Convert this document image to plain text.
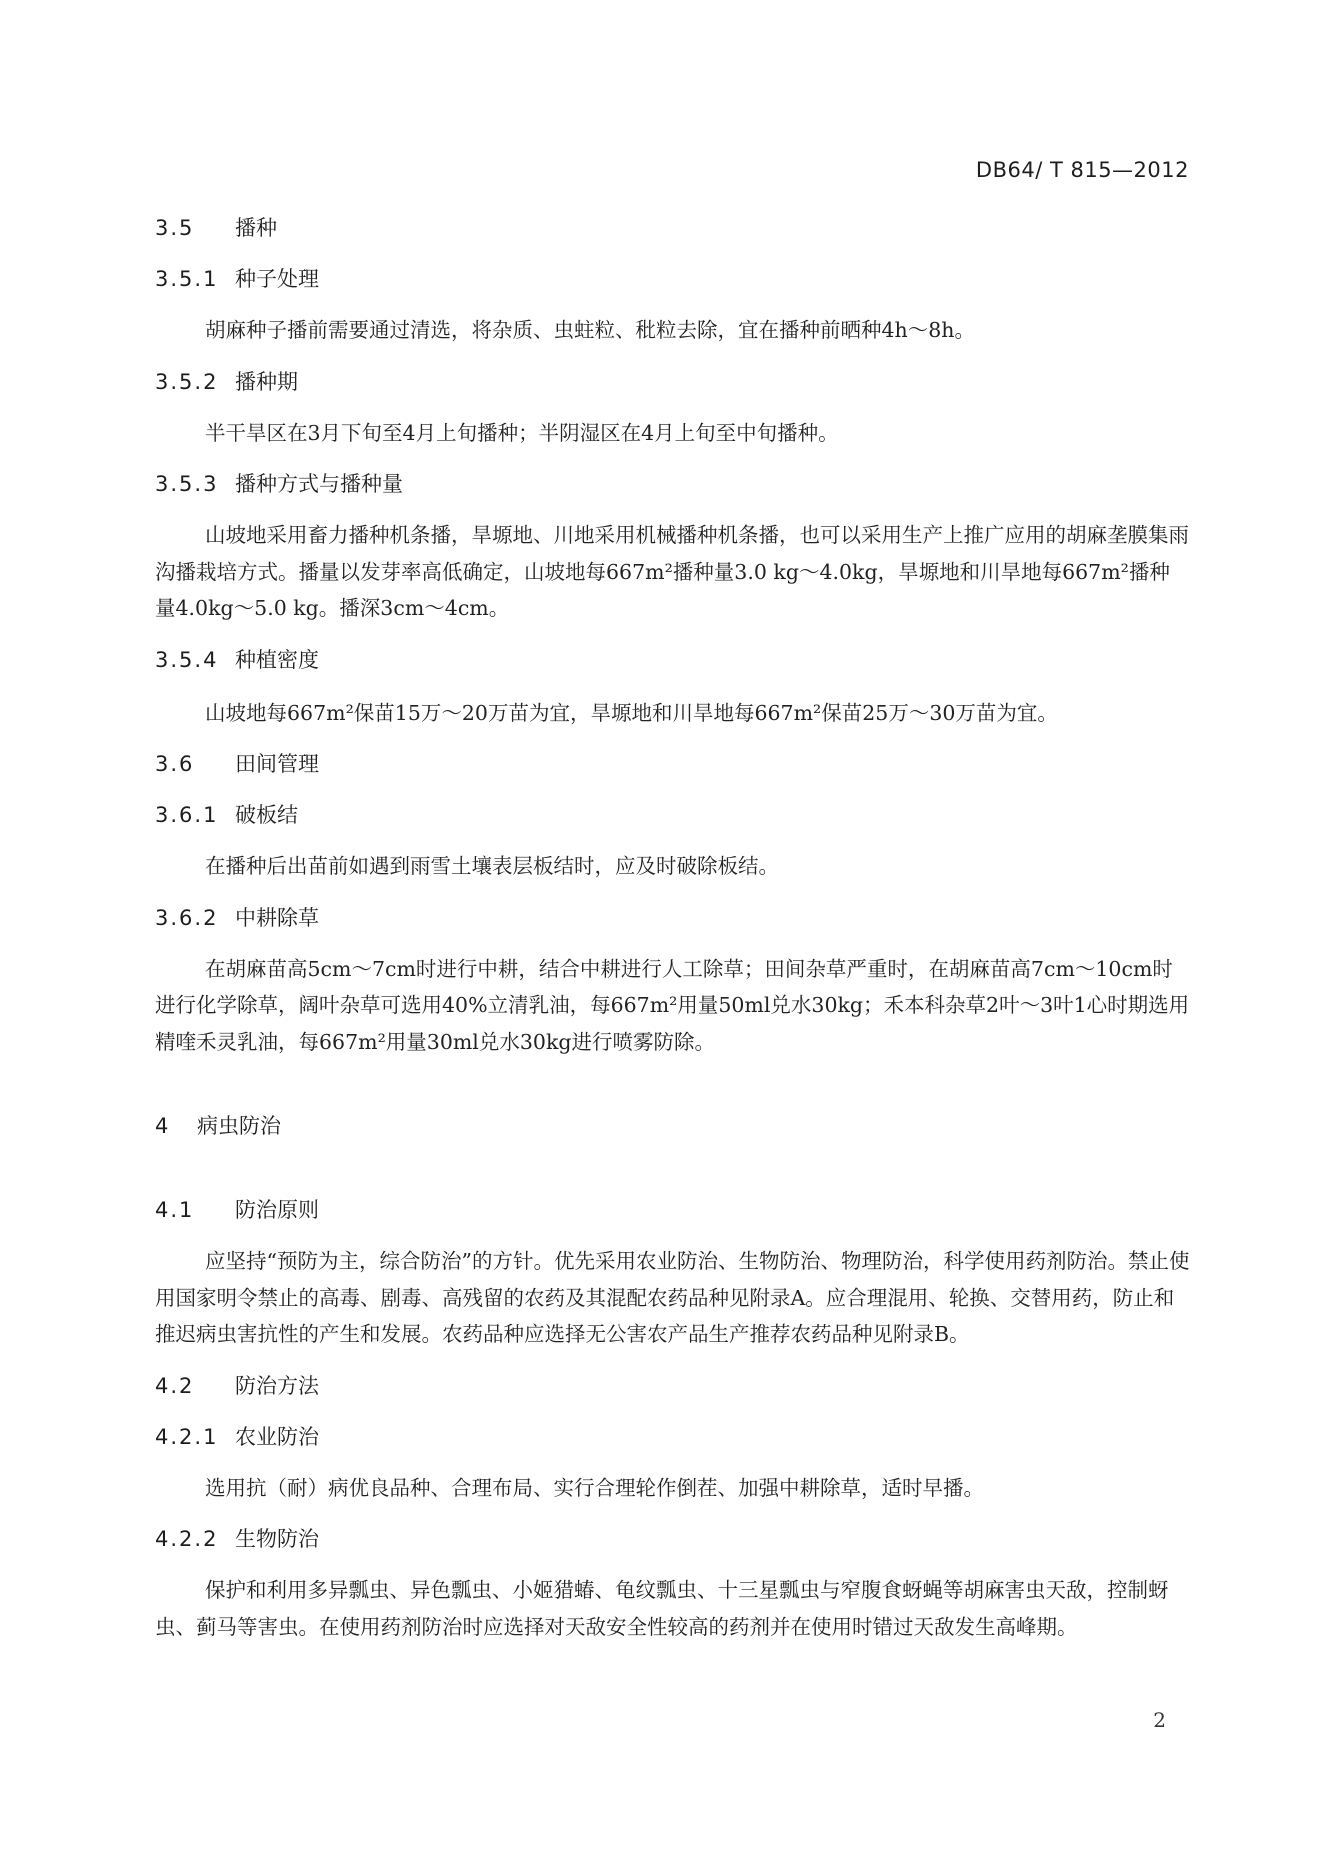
DB64/ T 815—2012
3.5 播种
3.5.1 种子处理

胡麻种子播前需要通过清选，将杂质、虫蛀粒、秕粒去除，宜在播种前晒种4h～8h。

3.5.2 播种期

半干旱区在3月下旬至4月上旬播种；半阴湿区在4月上旬至中旬播种。

3.5.3 播种方式与播种量

山坡地采用畜力播种机条播，旱塬地、川地采用机械播种机条播，也可以采用生产上推广应用的胡麻垄膜集雨沟播栽培方式。播量以发芽率高低确定，山坡地每667m²播种量3.0 kg～4.0kg，旱塬地和川旱地每667m²播种量4.0kg～5.0 kg。播深3cm～4cm。

3.5.4 种植密度

山坡地每667m²保苗15万～20万苗为宜，旱塬地和川旱地每667m²保苗25万～30万苗为宜。

3.6 田间管理
3.6.1 破板结

在播种后出苗前如遇到雨雪土壤表层板结时，应及时破除板结。

3.6.2 中耕除草

在胡麻苗高5cm～7cm时进行中耕，结合中耕进行人工除草；田间杂草严重时，在胡麻苗高7cm～10cm时进行化学除草，阔叶杂草可选用40%立清乳油，每667m²用量50ml兑水30kg；禾本科杂草2叶～3叶1心时期选用精喹禾灵乳油，每667m²用量30ml兑水30kg进行喷雾防除。

4 病虫防治
4.1 防治原则

应坚持“预防为主，综合防治”的方针。优先采用农业防治、生物防治、物理防治，科学使用药剂防治。禁止使用国家明令禁止的高毒、剧毒、高残留的农药及其混配农药品种见附录A。应合理混用、轮换、交替用药，防止和推迟病虫害抗性的产生和发展。农药品种应选择无公害农产品生产推荐农药品种见附录B。

4.2 防治方法
4.2.1 农业防治

选用抗（耐）病优良品种、合理布局、实行合理轮作倒茬、加强中耕除草，适时早播。

4.2.2 生物防治

保护和利用多异瓢虫、异色瓢虫、小姬猎蝽、龟纹瓢虫、十三星瓢虫与窄腹食蚜蝇等胡麻害虫天敌，控制蚜虫、蓟马等害虫。在使用药剂防治时应选择对天敌安全性较高的药剂并在使用时错过天敌发生高峰期。

2
